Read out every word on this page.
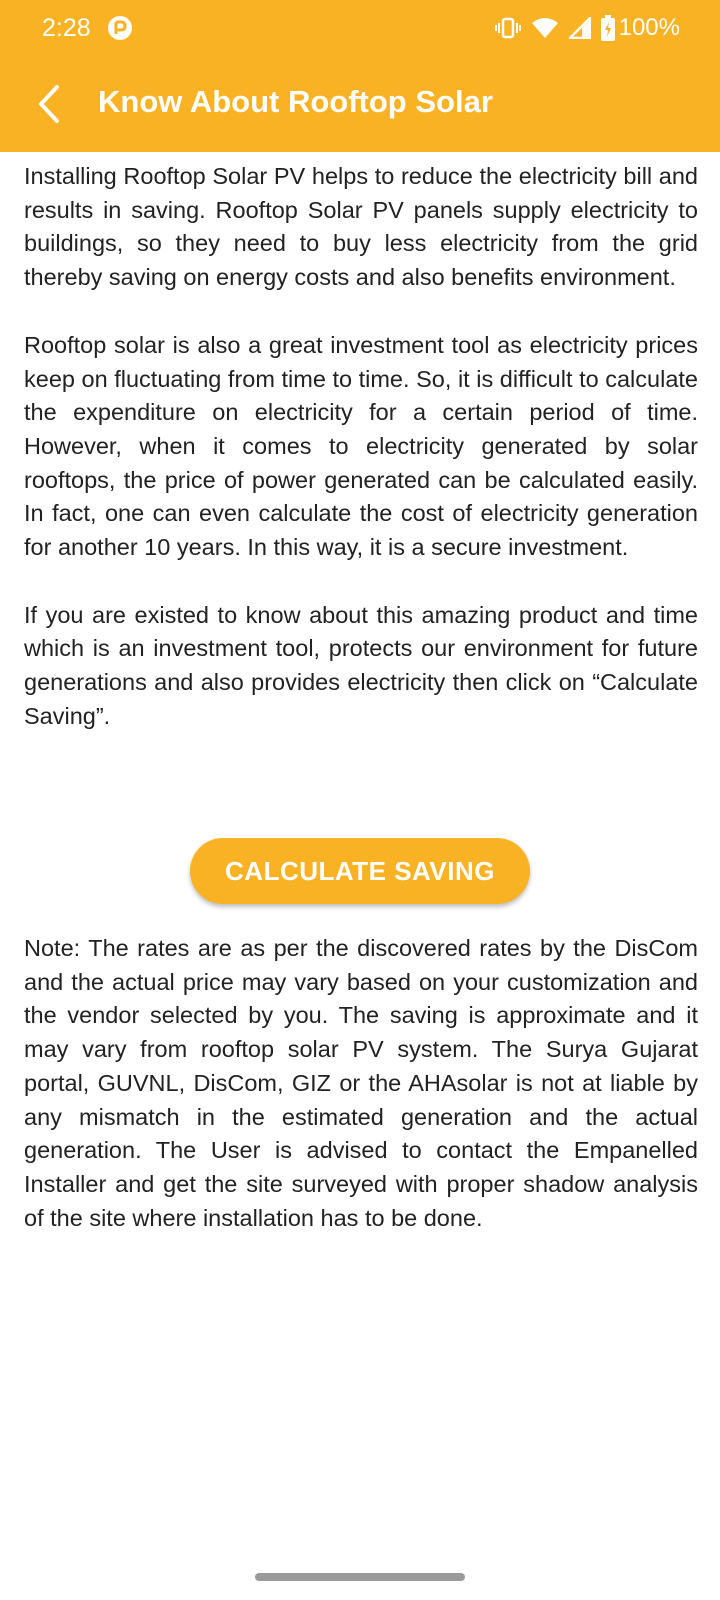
2:28	100%
Know About Rooftop Solar

Installing Rooftop Solar PV helps to reduce the electricity bill and results in saving. Rooftop Solar PV panels supply electricity to buildings, so they need to buy less electricity from the grid thereby saving on energy costs and also benefits environment.

Rooftop solar is also a great investment tool as electricity prices keep on fluctuating from time to time. So, it is difficult to calculate the expenditure on electricity for a certain period of time. However, when it comes to electricity generated by solar rooftops, the price of power generated can be calculated easily. In fact, one can even calculate the cost of electricity generation for another 10 years. In this way, it is a secure investment.

If you are existed to know about this amazing product and time which is an investment tool, protects our environment for future generations and also provides electricity then click on “Calculate Saving”.

CALCULATE SAVING

Note: The rates are as per the discovered rates by the DisCom and the actual price may vary based on your customization and the vendor selected by you. The saving is approximate and it may vary from rooftop solar PV system. The Surya Gujarat portal, GUVNL, DisCom, GIZ or the AHAsolar is not at liable by any mismatch in the estimated generation and the actual generation. The User is advised to contact the Empanelled Installer and get the site surveyed with proper shadow analysis of the site where installation has to be done.
